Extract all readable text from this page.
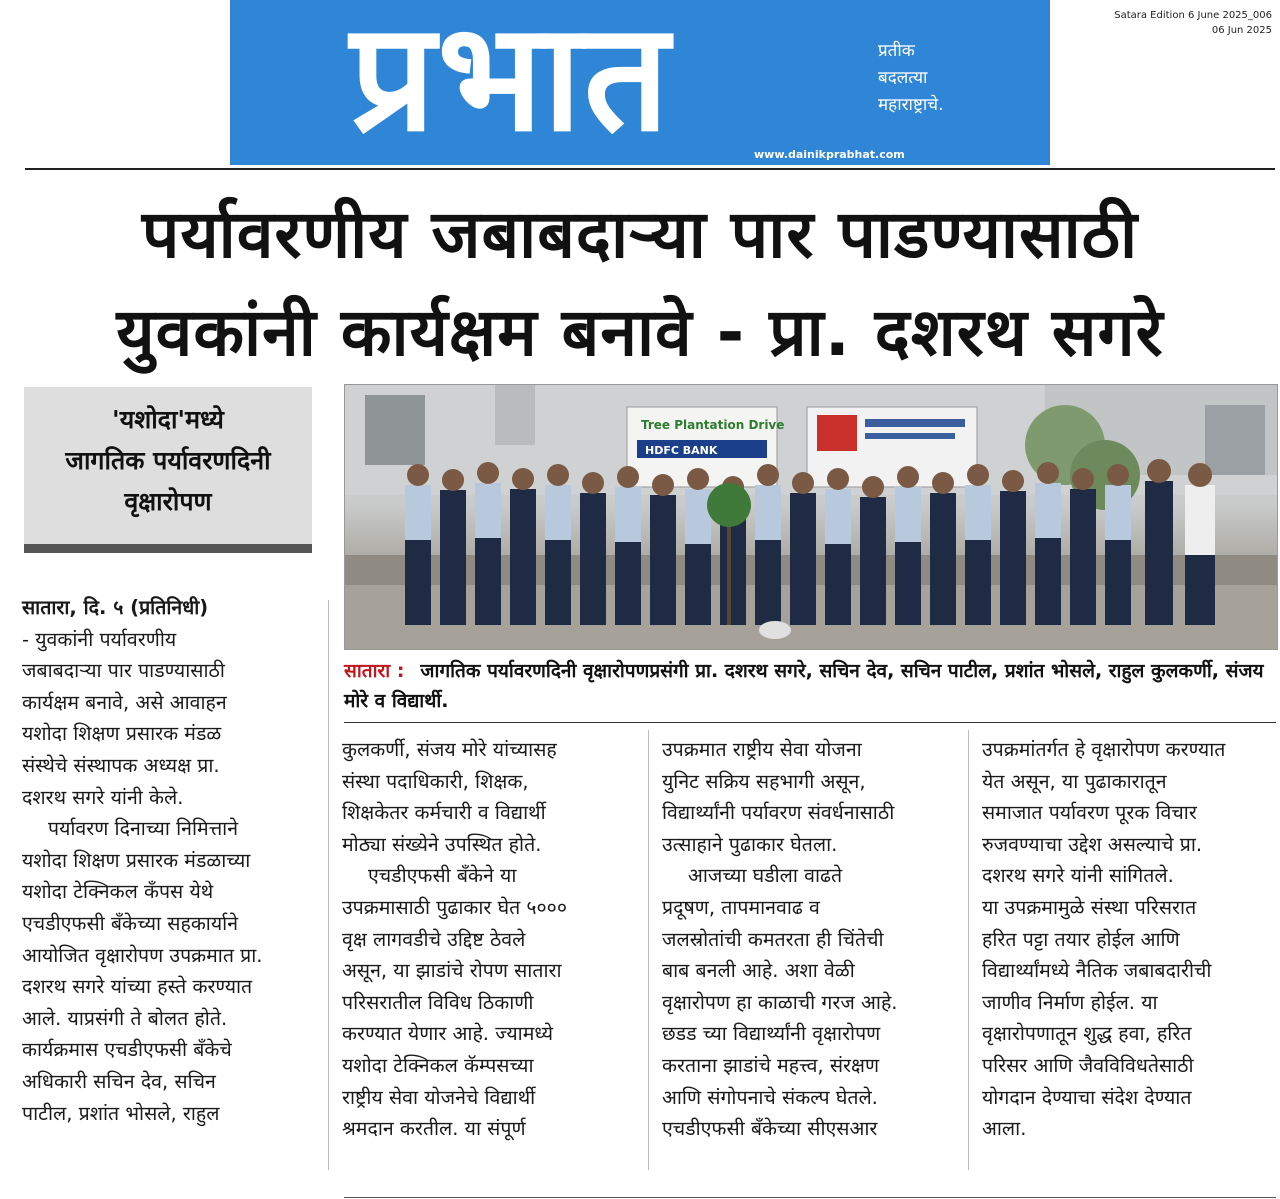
प्रभात	प्रतीक
बदलत्या
महाराष्ट्राचे.
www.dainikprabhat.com
Satara Edition 6 June 2025_006
06 Jun 2025
पर्यावरणीय जबाबदाऱ्या पार पाडण्यासाठी
युवकांनी कार्यक्षम बनावे - प्रा. दशरथ सगरे
'यशोदा'मध्ये
जागतिक पर्यावरणदिनी
वृक्षारोपण
Tree Plantation Drive
HDFC BANK
सातारा : जागतिक पर्यावरणदिनी वृक्षारोपणप्रसंगी प्रा. दशरथ सगरे, सचिन देव, सचिन पाटील, प्रशांत भोसले, राहुल कुलकर्णी, संजय मोरे व विद्यार्थी.
सातारा, दि. ५ (प्रतिनिधी)
- युवकांनी पर्यावरणीय
जबाबदाऱ्या पार पाडण्यासाठी
कार्यक्षम बनावे, असे आवाहन
यशोदा शिक्षण प्रसारक मंडळ
संस्थेचे संस्थापक अध्यक्ष प्रा.
दशरथ सगरे यांनी केले.
पर्यावरण दिनाच्या निमित्ताने
यशोदा शिक्षण प्रसारक मंडळाच्या
यशोदा टेक्निकल कॅंपस येथे
एचडीएफसी बँकेच्या सहकार्याने
आयोजित वृक्षारोपण उपक्रमात प्रा.
दशरथ सगरे यांच्या हस्ते करण्यात
आले. याप्रसंगी ते बोलत होते.
कार्यक्रमास एचडीएफसी बँकेचे
अधिकारी सचिन देव, सचिन
पाटील, प्रशांत भोसले, राहुल
कुलकर्णी, संजय मोरे यांच्यासह
संस्था पदाधिकारी, शिक्षक,
शिक्षकेतर कर्मचारी व विद्यार्थी
मोठ्या संख्येने उपस्थित होते.
एचडीएफसी बँकेने या
उपक्रमासाठी पुढाकार घेत ५०००
वृक्ष लागवडीचे उद्दिष्ट ठेवले
असून, या झाडांचे रोपण सातारा
परिसरातील विविध ठिकाणी
करण्यात येणार आहे. ज्यामध्ये
यशोदा टेक्निकल कॅम्पसच्या
राष्ट्रीय सेवा योजनेचे विद्यार्थी
श्रमदान करतील. या संपूर्ण
उपक्रमात राष्ट्रीय सेवा योजना
युनिट सक्रिय सहभागी असून,
विद्यार्थ्यांनी पर्यावरण संवर्धनासाठी
उत्साहाने पुढाकार घेतला.
आजच्या घडीला वाढते
प्रदूषण, तापमानवाढ व
जलस्रोतांची कमतरता ही चिंतेची
बाब बनली आहे. अशा वेळी
वृक्षारोपण हा काळाची गरज आहे.
छडड च्या विद्यार्थ्यांनी वृक्षारोपण
करताना झाडांचे महत्त्व, संरक्षण
आणि संगोपनाचे संकल्प घेतले.
एचडीएफसी बँकेच्या सीएसआर
उपक्रमांतर्गत हे वृक्षारोपण करण्यात
येत असून, या पुढाकारातून
समाजात पर्यावरण पूरक विचार
रुजवण्याचा उद्देश असल्याचे प्रा.
दशरथ सगरे यांनी सांगितले.
या उपक्रमामुळे संस्था परिसरात
हरित पट्टा तयार होईल आणि
विद्यार्थ्यांमध्ये नैतिक जबाबदारीची
जाणीव निर्माण होईल. या
वृक्षारोपणातून शुद्ध हवा, हरित
परिसर आणि जैवविविधतेसाठी
योगदान देण्याचा संदेश देण्यात
आला.
